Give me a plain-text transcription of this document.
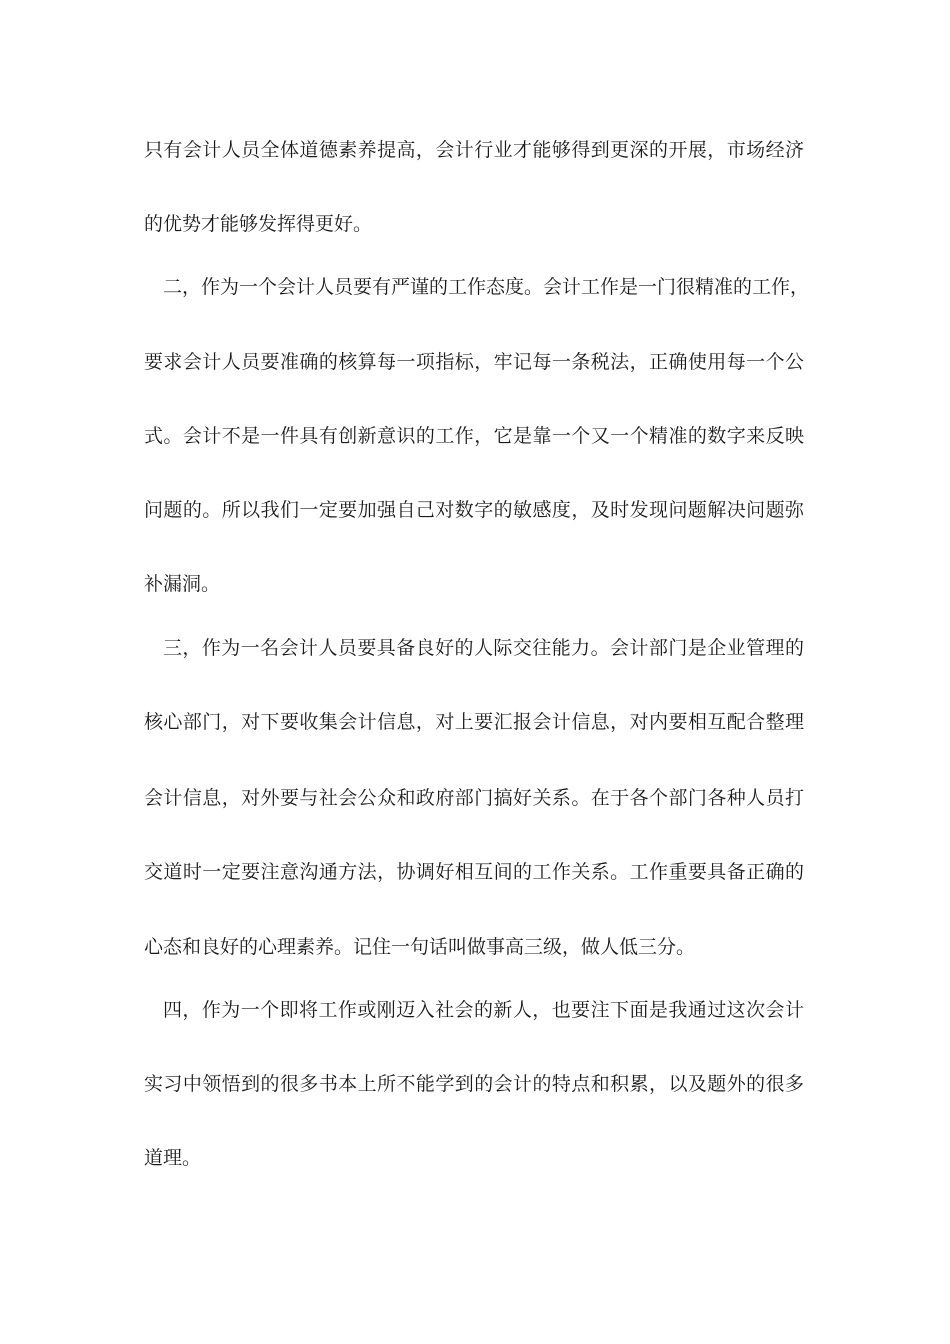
只有会计人员全体道德素养提高，会计行业才能够得到更深的开展，市场经济
的优势才能够发挥得更好。
二，作为一个会计人员要有严谨的工作态度。会计工作是一门很精准的工作，
要求会计人员要准确的核算每一项指标，牢记每一条税法，正确使用每一个公
式。会计不是一件具有创新意识的工作，它是靠一个又一个精准的数字来反映
问题的。所以我们一定要加强自己对数字的敏感度，及时发现问题解决问题弥
补漏洞。
三，作为一名会计人员要具备良好的人际交往能力。会计部门是企业管理的
核心部门，对下要收集会计信息，对上要汇报会计信息，对内要相互配合整理
会计信息，对外要与社会公众和政府部门搞好关系。在于各个部门各种人员打
交道时一定要注意沟通方法，协调好相互间的工作关系。工作重要具备正确的
心态和良好的心理素养。记住一句话叫做事高三级，做人低三分。
四，作为一个即将工作或刚迈入社会的新人，也要注下面是我通过这次会计
实习中领悟到的很多书本上所不能学到的会计的特点和积累，以及题外的很多
道理。
